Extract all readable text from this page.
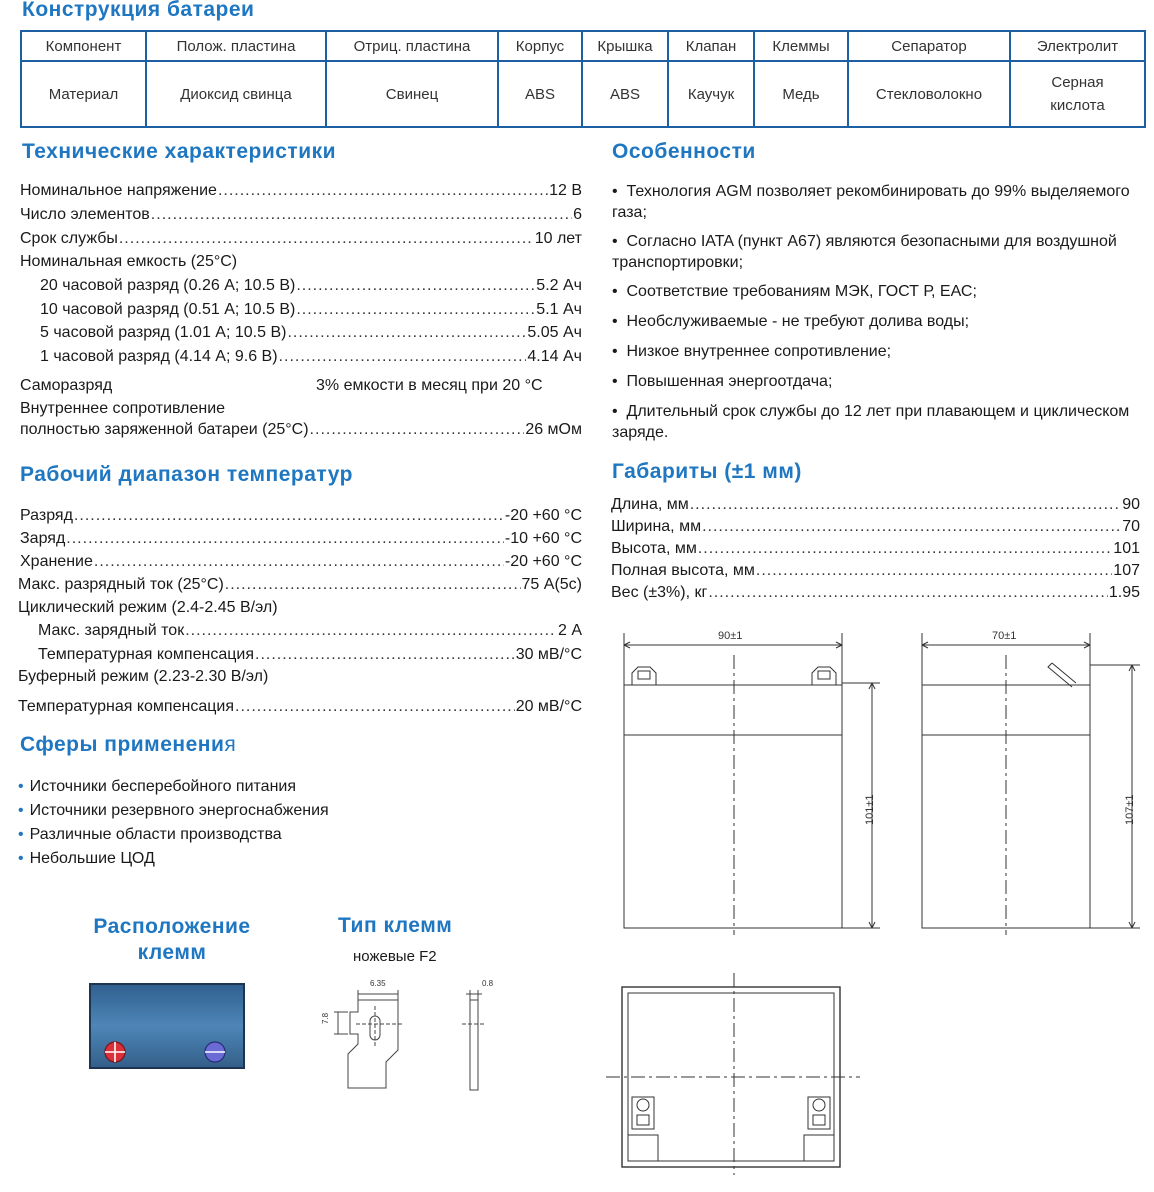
Конструкция батареи
Компонент	Полож. пластина	Отриц. пластина	Корпус	Крышка	Клапан	Клеммы	Сепаратор	Электролит
Материал	Диоксид свинца	Свинец	ABS	ABS	Каучук	Медь	Стекловолокно	Серная кислота
Технические характеристики
Номинальное напряжение .....	12 В
Число элементов .....	6
Срок службы .....	10 лет
Номинальная емкость (25°С)
20 часовой разряд (0.26 А; 10.5 В) .....	5.2 Ач
10 часовой разряд (0.51 А; 10.5 В) .....	5.1 Ач
5 часовой разряд (1.01 А; 10.5 В) .....	5.05 Ач
1 часовой разряд (4.14 А; 9.6 В) .....	4.14 Ач
Саморазряд	3% емкости в месяц при 20 °С
Внутреннее сопротивление
полностью заряженной батареи (25°С) .....	26 мОм
Рабочий диапазон температур
Разряд .....	-20 +60 °С
Заряд .....	-10 +60 °С
Хранение .....	-20 +60 °С
Макс. разрядный ток (25°С) .....	75 А(5с)
Циклический режим (2.4-2.45 В/эл)
Макс. зарядный ток .....	2 А
Температурная компенсация .....	30 мВ/°С
Буферный режим (2.23-2.30 В/эл)
Температурная компенсация .....	20 мВ/°С
Сферы применения
• Источники бесперебойного питания
• Источники резервного энергоснабжения
• Различные области производства
• Небольшие ЦОД
Расположение
клемм
Тип клемм
ножевые F2
6.35	0.8
7.8
Особенности
•  Технология AGM позволяет рекомбинировать до 99% выделяемого газа;
•  Согласно IATA (пункт А67) являются безопасными для воздушной транспортировки;
•  Соответствие требованиям МЭК, ГОСТ Р, ЕАС;
•  Необслуживаемые - не требуют долива воды;
•  Низкое внутреннее сопротивление;
•  Повышенная энергоотдача;
•  Длительный срок службы до 12 лет при плавающем и циклическом заряде.
Габариты (±1 мм)
Длина, мм .....	90
Ширина, мм .....	70
Высота, мм .....	101
Полная высота, мм .....	107
Вес (±3%), кг .....	1.95
90±1	70±1
101±1	107±1
